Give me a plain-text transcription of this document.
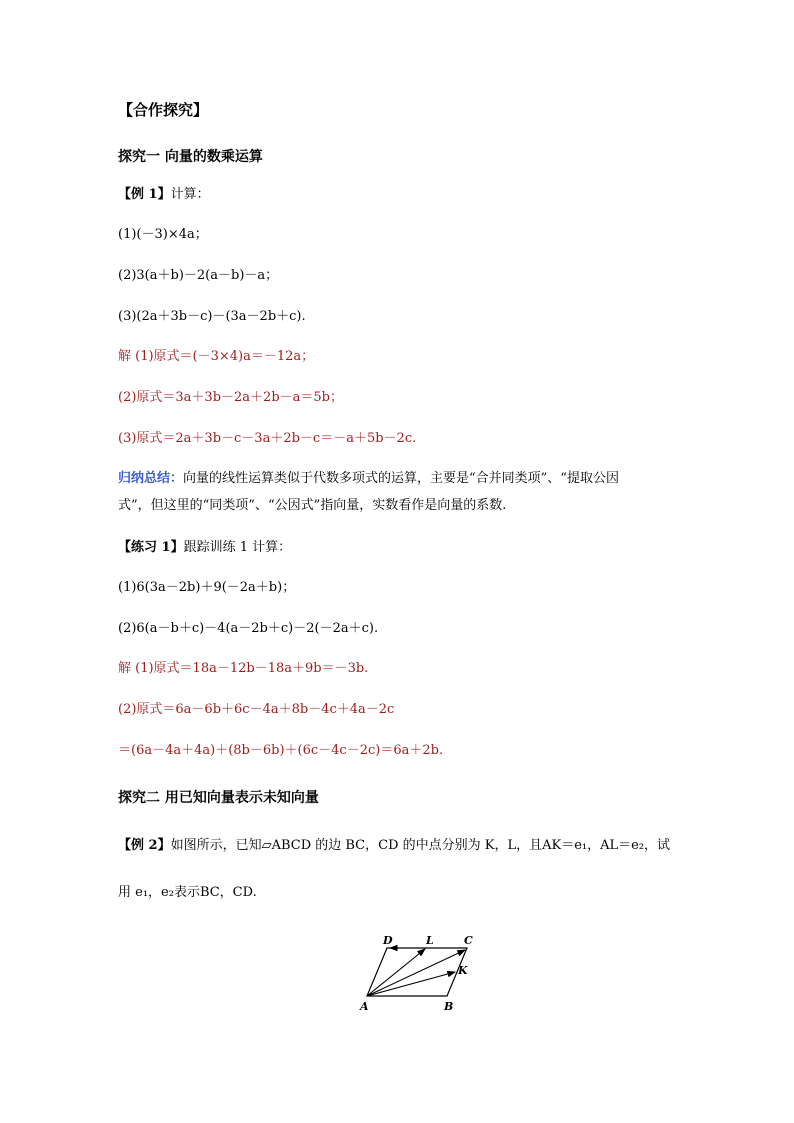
【合作探究】
探究一 向量的数乘运算
【例 1】计算：
(1)(－3)×4a；
(2)3(a＋b)－2(a－b)－a；
(3)(2a＋3b－c)－(3a－2b＋c).
解 (1)原式＝(－3×4)a＝－12a；
(2)原式＝3a＋3b－2a＋2b－a＝5b；
(3)原式＝2a＋3b－c－3a＋2b－c＝－a＋5b－2c.
归纳总结：向量的线性运算类似于代数多项式的运算，主要是“合并同类项”、“提取公因
式”，但这里的“同类项”、“公因式”指向量，实数看作是向量的系数.
【练习 1】跟踪训练 1 计算：
(1)6(3a－2b)＋9(－2a＋b)；
(2)6(a－b＋c)－4(a－2b＋c)－2(－2a＋c).
解 (1)原式＝18a－12b－18a＋9b＝－3b.
(2)原式＝6a－6b＋6c－4a＋8b－4c＋4a－2c
＝(6a－4a＋4a)＋(8b－6b)＋(6c－4c－2c)＝6a＋2b.
探究二 用已知向量表示未知向量
【例 2】如图所示，已知▱ABCD 的边 BC，CD 的中点分别为 K，L，且AK＝e₁，AL＝e₂，试
用 e₁，e₂表示BC，CD.
A	B
C
D
K
L
